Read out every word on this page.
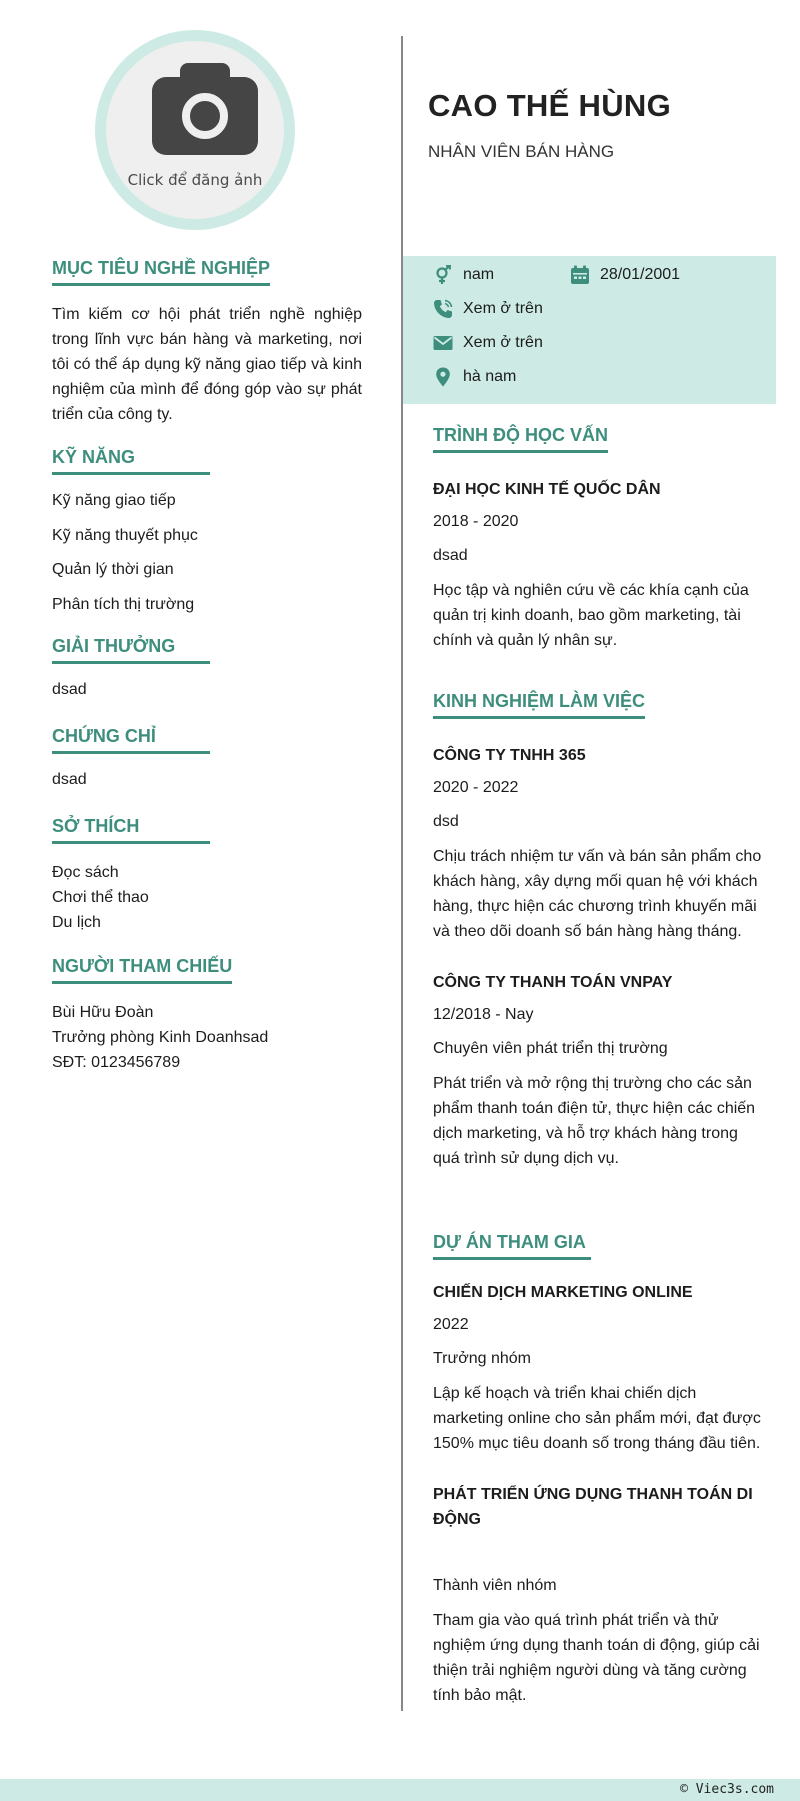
Click để đăng ảnh
MỤC TIÊU NGHỀ NGHIỆP

Tìm kiếm cơ hội phát triển nghề nghiệp trong lĩnh vực bán hàng và marketing, nơi tôi có thể áp dụng kỹ năng giao tiếp và kinh nghiệm của mình để đóng góp vào sự phát triển của công ty.

KỸ NĂNG
Kỹ năng giao tiếp
Kỹ năng thuyết phục
Quản lý thời gian
Phân tích thị trường
GIẢI THƯỞNG
dsad
CHỨNG CHỈ
dsad
SỞ THÍCH
Đọc sách
Chơi thể thao
Du lịch
NGƯỜI THAM CHIẾU
Bùi Hữu Đoàn
Trưởng phòng Kinh Doanhsad
SĐT: 0123456789
CAO THẾ HÙNG
NHÂN VIÊN BÁN HÀNG
nam	28/01/2001
Xem ở trên
Xem ở trên
hà nam
TRÌNH ĐỘ HỌC VẤN
ĐẠI HỌC KINH TẾ QUỐC DÂN
2018 - 2020
dsad
Học tập và nghiên cứu về các khía cạnh của quản trị kinh doanh, bao gồm marketing, tài chính và quản lý nhân sự.
KINH NGHIỆM LÀM VIỆC
CÔNG TY TNHH 365
2020 - 2022
dsd
Chịu trách nhiệm tư vấn và bán sản phẩm cho khách hàng, xây dựng mối quan hệ với khách hàng, thực hiện các chương trình khuyến mãi và theo dõi doanh số bán hàng hàng tháng.
CÔNG TY THANH TOÁN VNPAY
12/2018 - Nay
Chuyên viên phát triển thị trường
Phát triển và mở rộng thị trường cho các sản phẩm thanh toán điện tử, thực hiện các chiến dịch marketing, và hỗ trợ khách hàng trong quá trình sử dụng dịch vụ.
DỰ ÁN THAM GIA
CHIẾN DỊCH MARKETING ONLINE
2022
Trưởng nhóm
Lập kế hoạch và triển khai chiến dịch marketing online cho sản phẩm mới, đạt được 150% mục tiêu doanh số trong tháng đầu tiên.
PHÁT TRIỂN ỨNG DỤNG THANH TOÁN DI ĐỘNG
Thành viên nhóm
Tham gia vào quá trình phát triển và thử nghiệm ứng dụng thanh toán di động, giúp cải thiện trải nghiệm người dùng và tăng cường tính bảo mật.
© Viec3s.com
